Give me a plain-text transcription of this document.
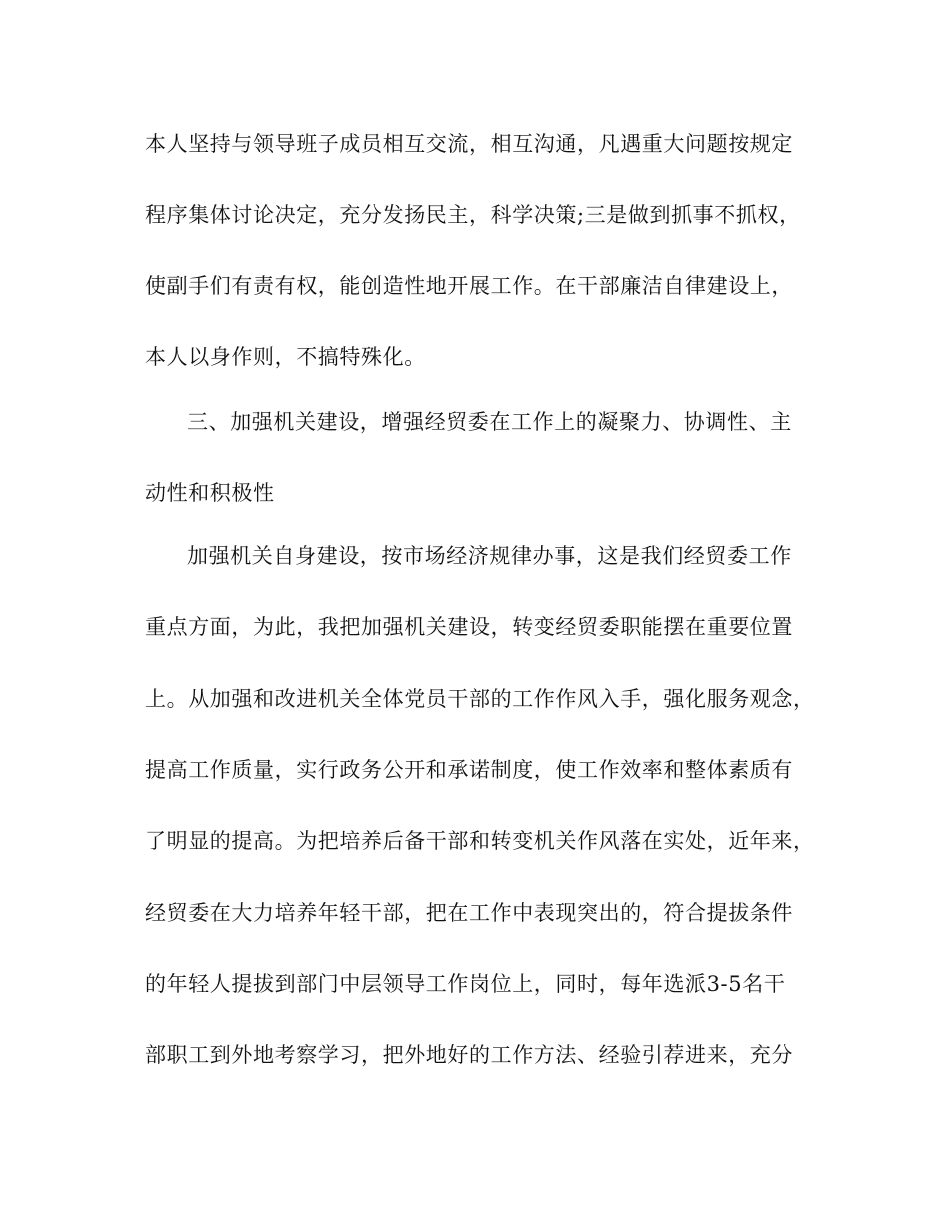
本人坚持与领导班子成员相互交流，相互沟通，凡遇重大问题按规定
程序集体讨论决定，充分发扬民主，科学决策;三是做到抓事不抓权，
使副手们有责有权，能创造性地开展工作。在干部廉洁自律建设上，
本人以身作则，不搞特殊化。
三、加强机关建设，增强经贸委在工作上的凝聚力、协调性、主
动性和积极性
加强机关自身建设，按市场经济规律办事，这是我们经贸委工作
重点方面，为此，我把加强机关建设，转变经贸委职能摆在重要位置
上。从加强和改进机关全体党员干部的工作作风入手，强化服务观念，
提高工作质量，实行政务公开和承诺制度，使工作效率和整体素质有
了明显的提高。为把培养后备干部和转变机关作风落在实处，近年来，
经贸委在大力培养年轻干部，把在工作中表现突出的，符合提拔条件
的年轻人提拔到部门中层领导工作岗位上，同时，每年选派3-5名干
部职工到外地考察学习，把外地好的工作方法、经验引荐进来，充分
